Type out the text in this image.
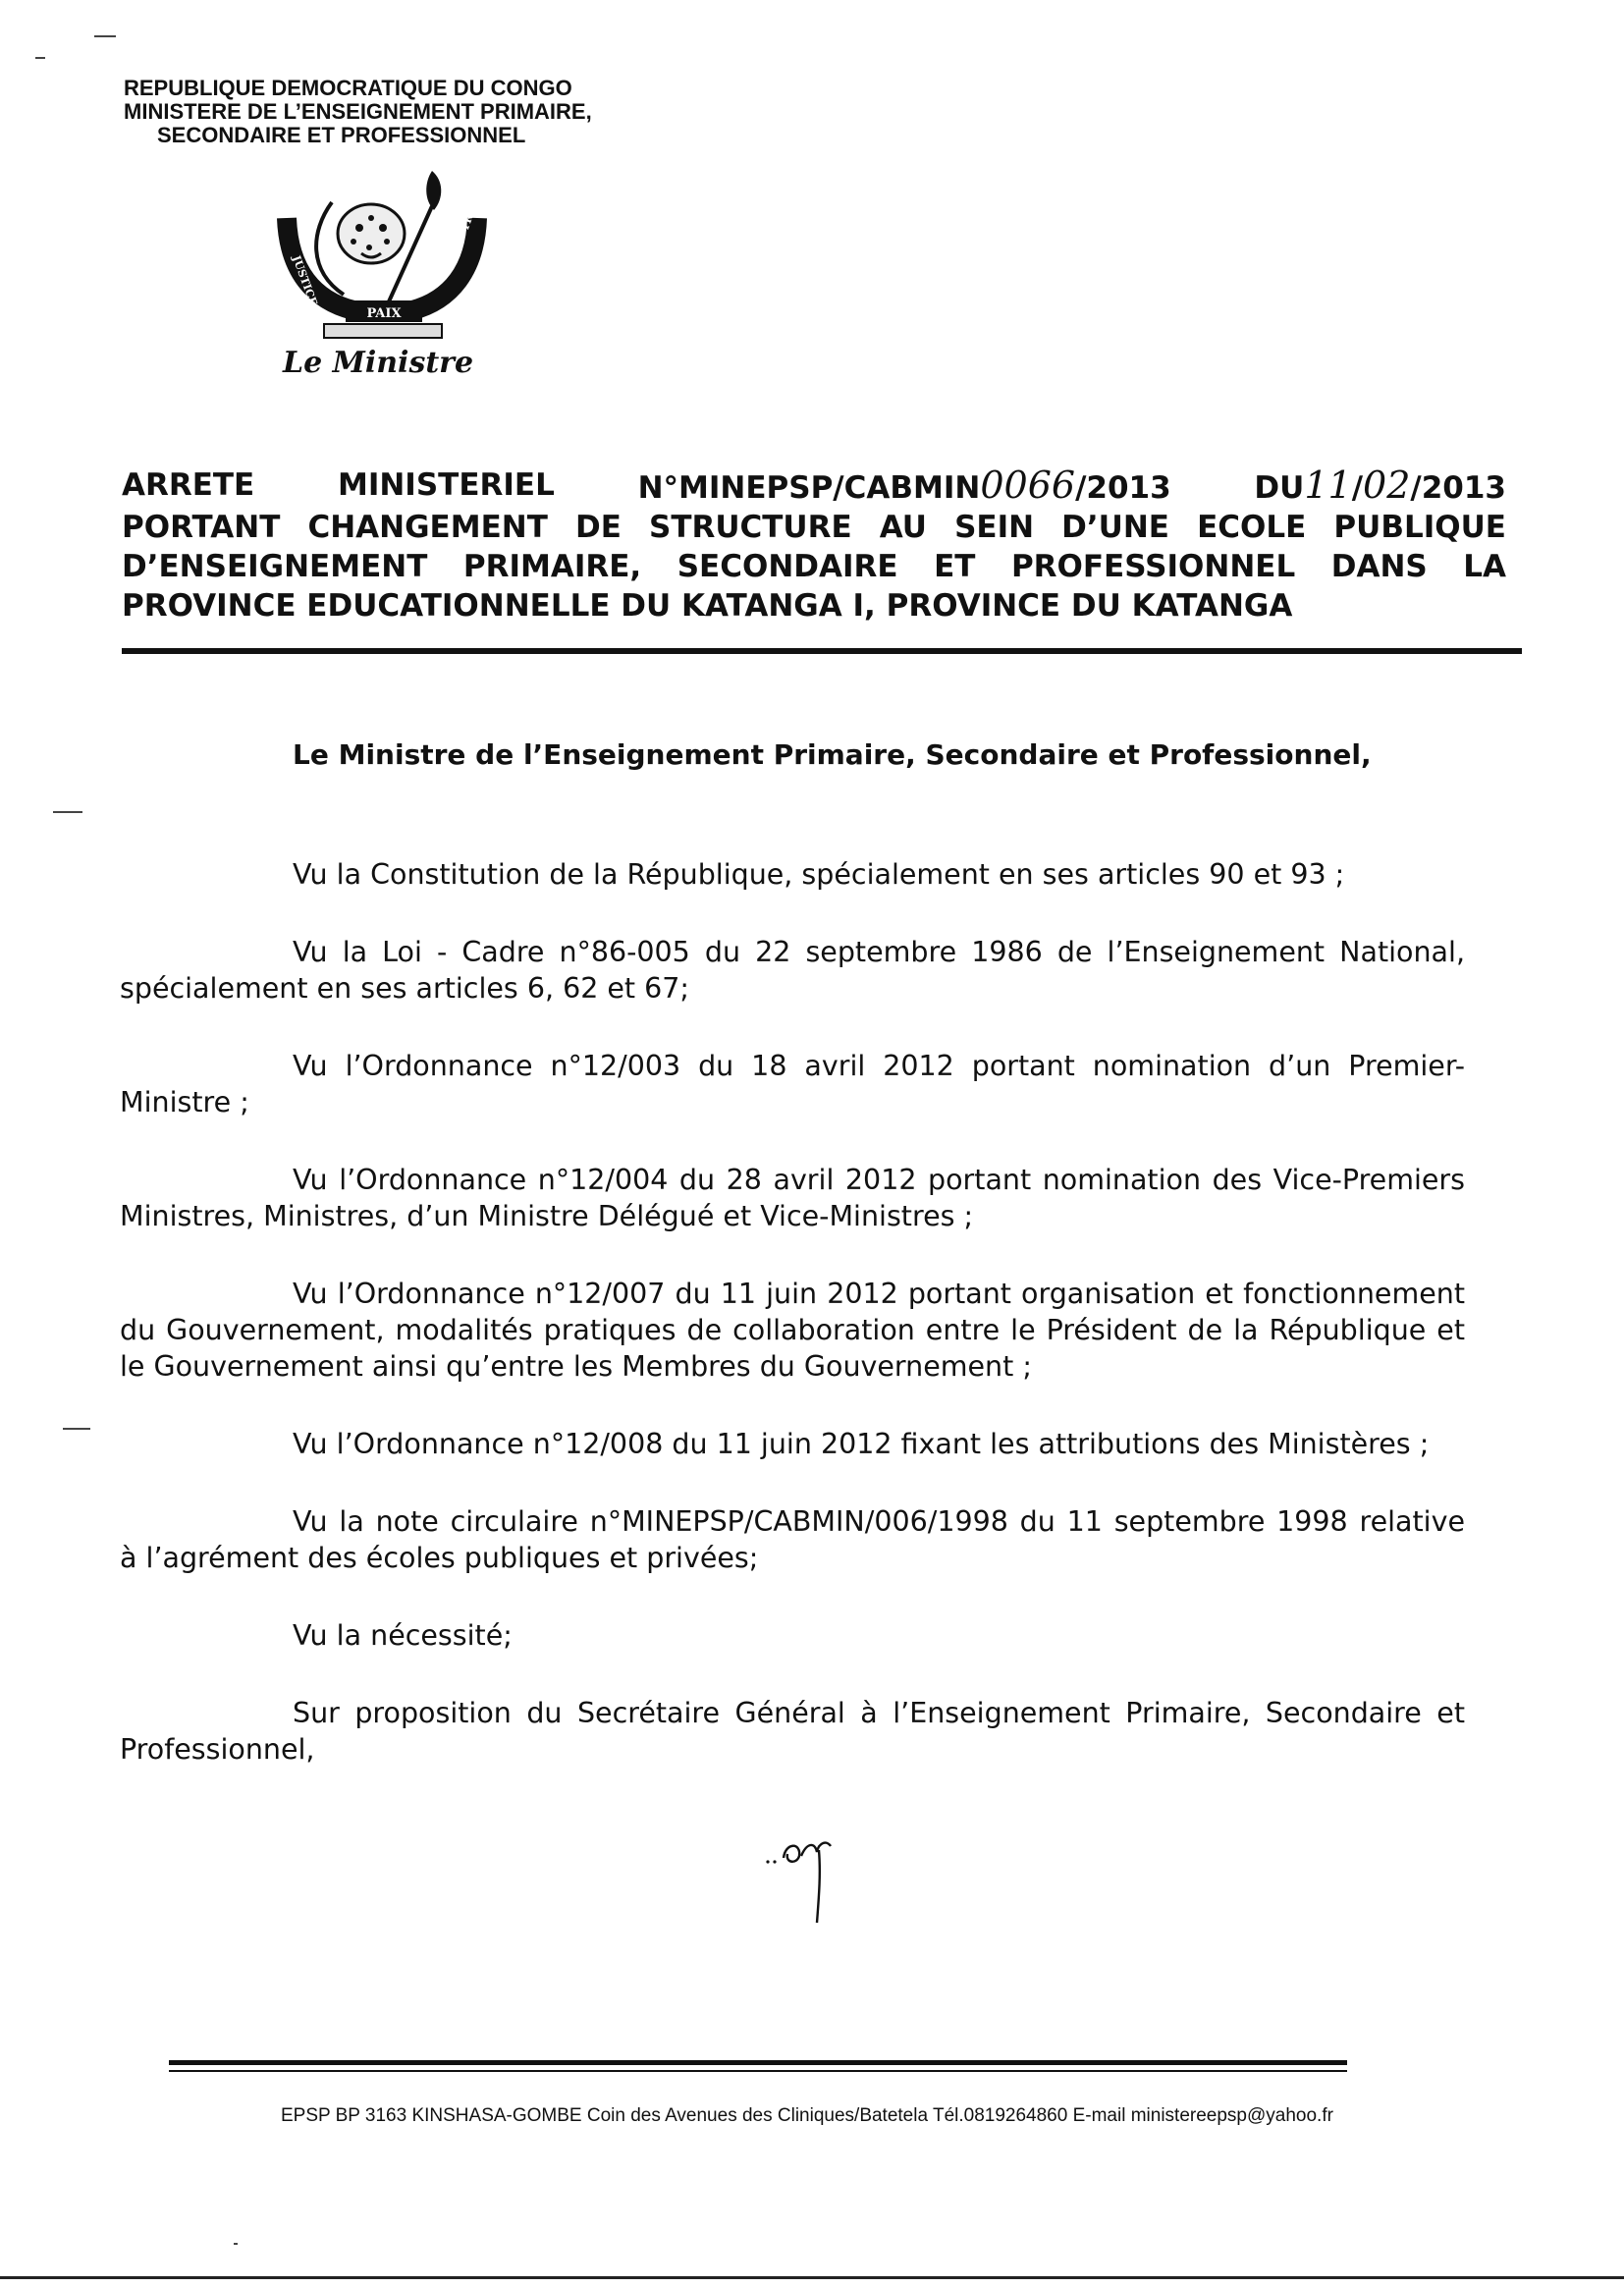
REPUBLIQUE DEMOCRATIQUE DU CONGO
MINISTERE DE L’ENSEIGNEMENT PRIMAIRE,
SECONDAIRE ET PROFESSIONNEL
PAIX
JUSTICE
TRAVAIL
Le Ministre
ARRETE	MINISTERIEL	N°MINEPSP/CABMIN0066/2013	DU11/02/2013
PORTANT CHANGEMENT DE STRUCTURE AU SEIN D’UNE ECOLE PUBLIQUE
D’ENSEIGNEMENT PRIMAIRE, SECONDAIRE ET PROFESSIONNEL DANS LA
PROVINCE EDUCATIONNELLE DU KATANGA I, PROVINCE DU KATANGA
Le Ministre de l’Enseignement Primaire, Secondaire et Professionnel,

Vu la Constitution de la République, spécialement en ses articles 90 et 93 ;

Vu la Loi - Cadre n°86-005 du 22 septembre 1986 de l’Enseignement National, spécialement en ses articles 6, 62 et 67;

Vu l’Ordonnance n°12/003 du 18 avril 2012 portant nomination d’un Premier-Ministre ;

Vu l’Ordonnance n°12/004 du 28 avril 2012 portant nomination des Vice-Premiers Ministres, Ministres, d’un Ministre Délégué et Vice-Ministres ;

Vu l’Ordonnance n°12/007 du 11 juin 2012 portant organisation et fonctionnement du Gouvernement, modalités pratiques de collaboration entre le Président de la République et le Gouvernement ainsi qu’entre les Membres du Gouvernement ;

Vu l’Ordonnance n°12/008 du 11 juin 2012 fixant les attributions des Ministères ;

Vu la note circulaire n°MINEPSP/CABMIN/006/1998 du 11 septembre 1998 relative à l’agrément des écoles publiques et privées;

Vu la nécessité;

Sur proposition du Secrétaire Général à l’Enseignement Primaire, Secondaire et Professionnel,

EPSP BP 3163 KINSHASA-GOMBE Coin des Avenues des Cliniques/Batetela Tél.0819264860 E-mail ministereepsp@yahoo.fr
